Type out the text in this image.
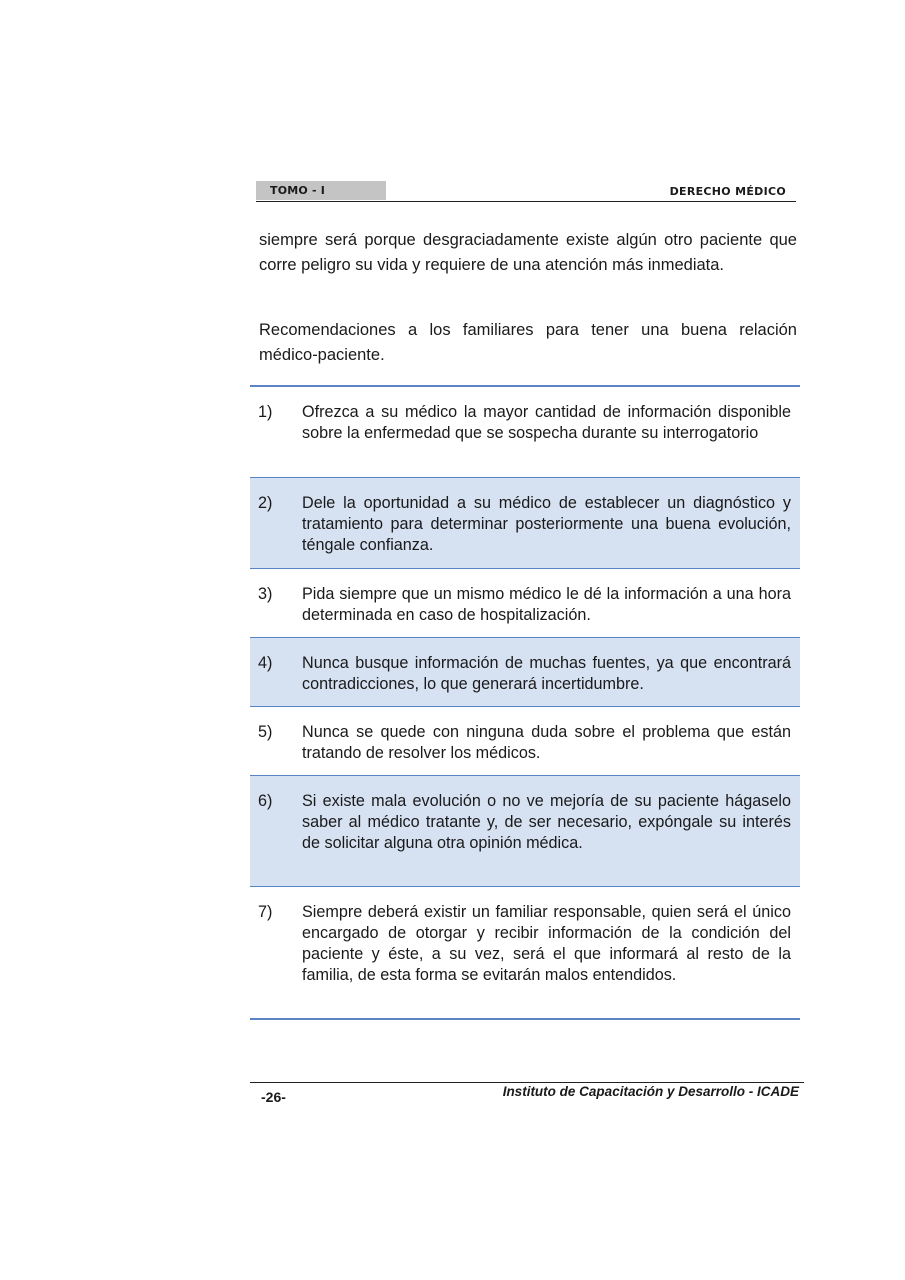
TOMO - I	DERECHO MÉDICO

siempre será porque desgraciadamente existe algún otro paciente que corre peligro su vida y requiere de una atención más inmediata.

Recomendaciones a los familiares para tener una buena relación médico-paciente.

1)	Ofrezca a su médico la mayor cantidad de información disponible sobre la enfermedad que se sospecha durante su interrogatorio
2)	Dele la oportunidad a su médico de establecer un diagnóstico y tratamiento para determinar posteriormente una buena evolución, téngale confianza.
3)	Pida siempre que un mismo médico le dé la información a una hora determinada en caso de hospitalización.
4)	Nunca busque información de muchas fuentes, ya que encontrará contradicciones, lo que generará incertidumbre.
5)	Nunca se quede con ninguna duda sobre el problema que están tratando de resolver los médicos.
6)	Si existe mala evolución o no ve mejoría de su paciente hágaselo saber al médico tratante y, de ser necesario, expóngale su interés de solicitar alguna otra opinión médica.
7)	Siempre deberá existir un familiar responsable, quien será el único encargado de otorgar y recibir información de la condición del paciente y éste, a su vez, será el que informará al resto de la familia, de esta forma se evitarán malos entendidos.
-26-	Instituto de Capacitación y Desarrollo - ICADE
